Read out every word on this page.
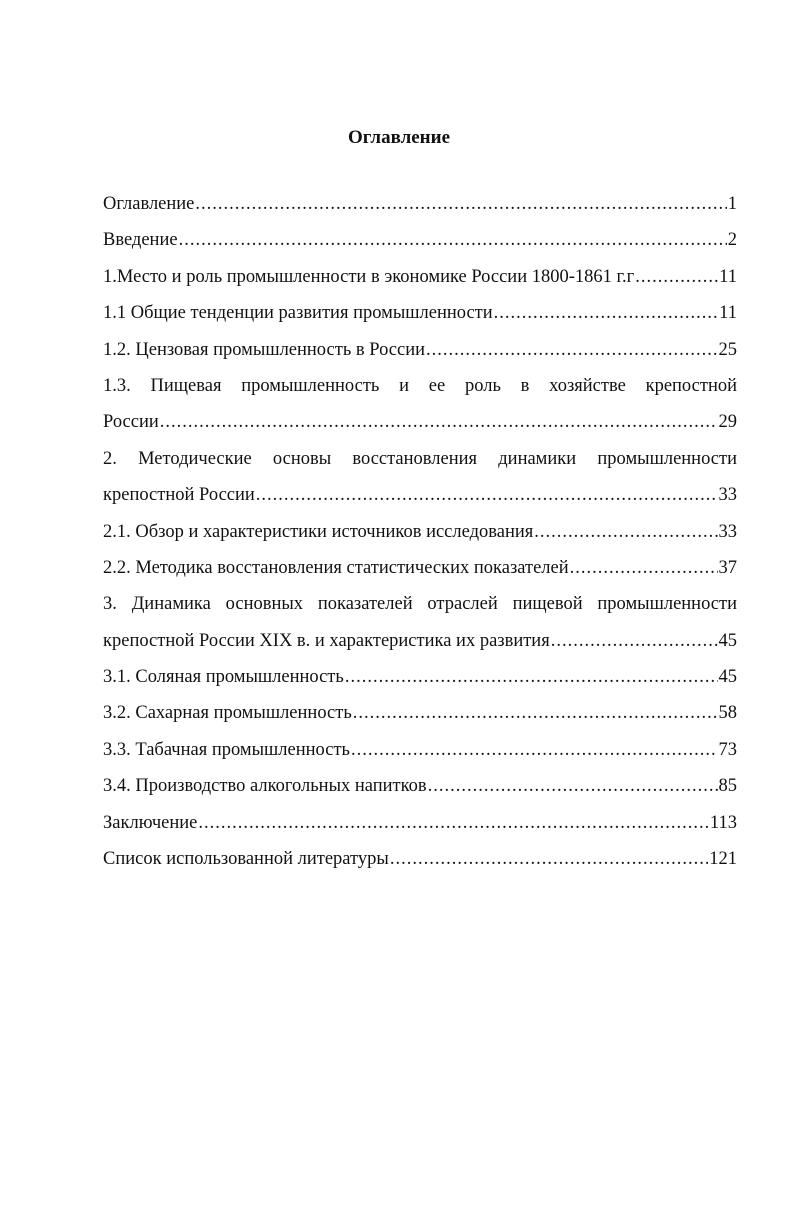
Оглавление
Оглавление .....	1
Введение .....	2
1.Место и роль промышленности в экономике России 1800-1861 г.г .....	11
1.1 Общие тенденции развития промышленности .....	11
1.2. Цензовая промышленность в России .....	25
1.3. Пищевая промышленность и ее роль в хозяйстве крепостной
России .....	29
2. Методические основы восстановления динамики промышленности
крепостной России .....	33
2.1. Обзор и характеристики источников исследования .....	33
2.2. Методика восстановления статистических показателей .....	37
3. Динамика основных показателей отраслей пищевой промышленности
крепостной России XIX в. и характеристика их развития .....	45
3.1. Соляная промышленность .....	45
3.2. Сахарная промышленность .....	58
3.3. Табачная промышленность .....	73
3.4. Производство алкогольных напитков .....	85
Заключение .....	113
Список использованной литературы .....	121
